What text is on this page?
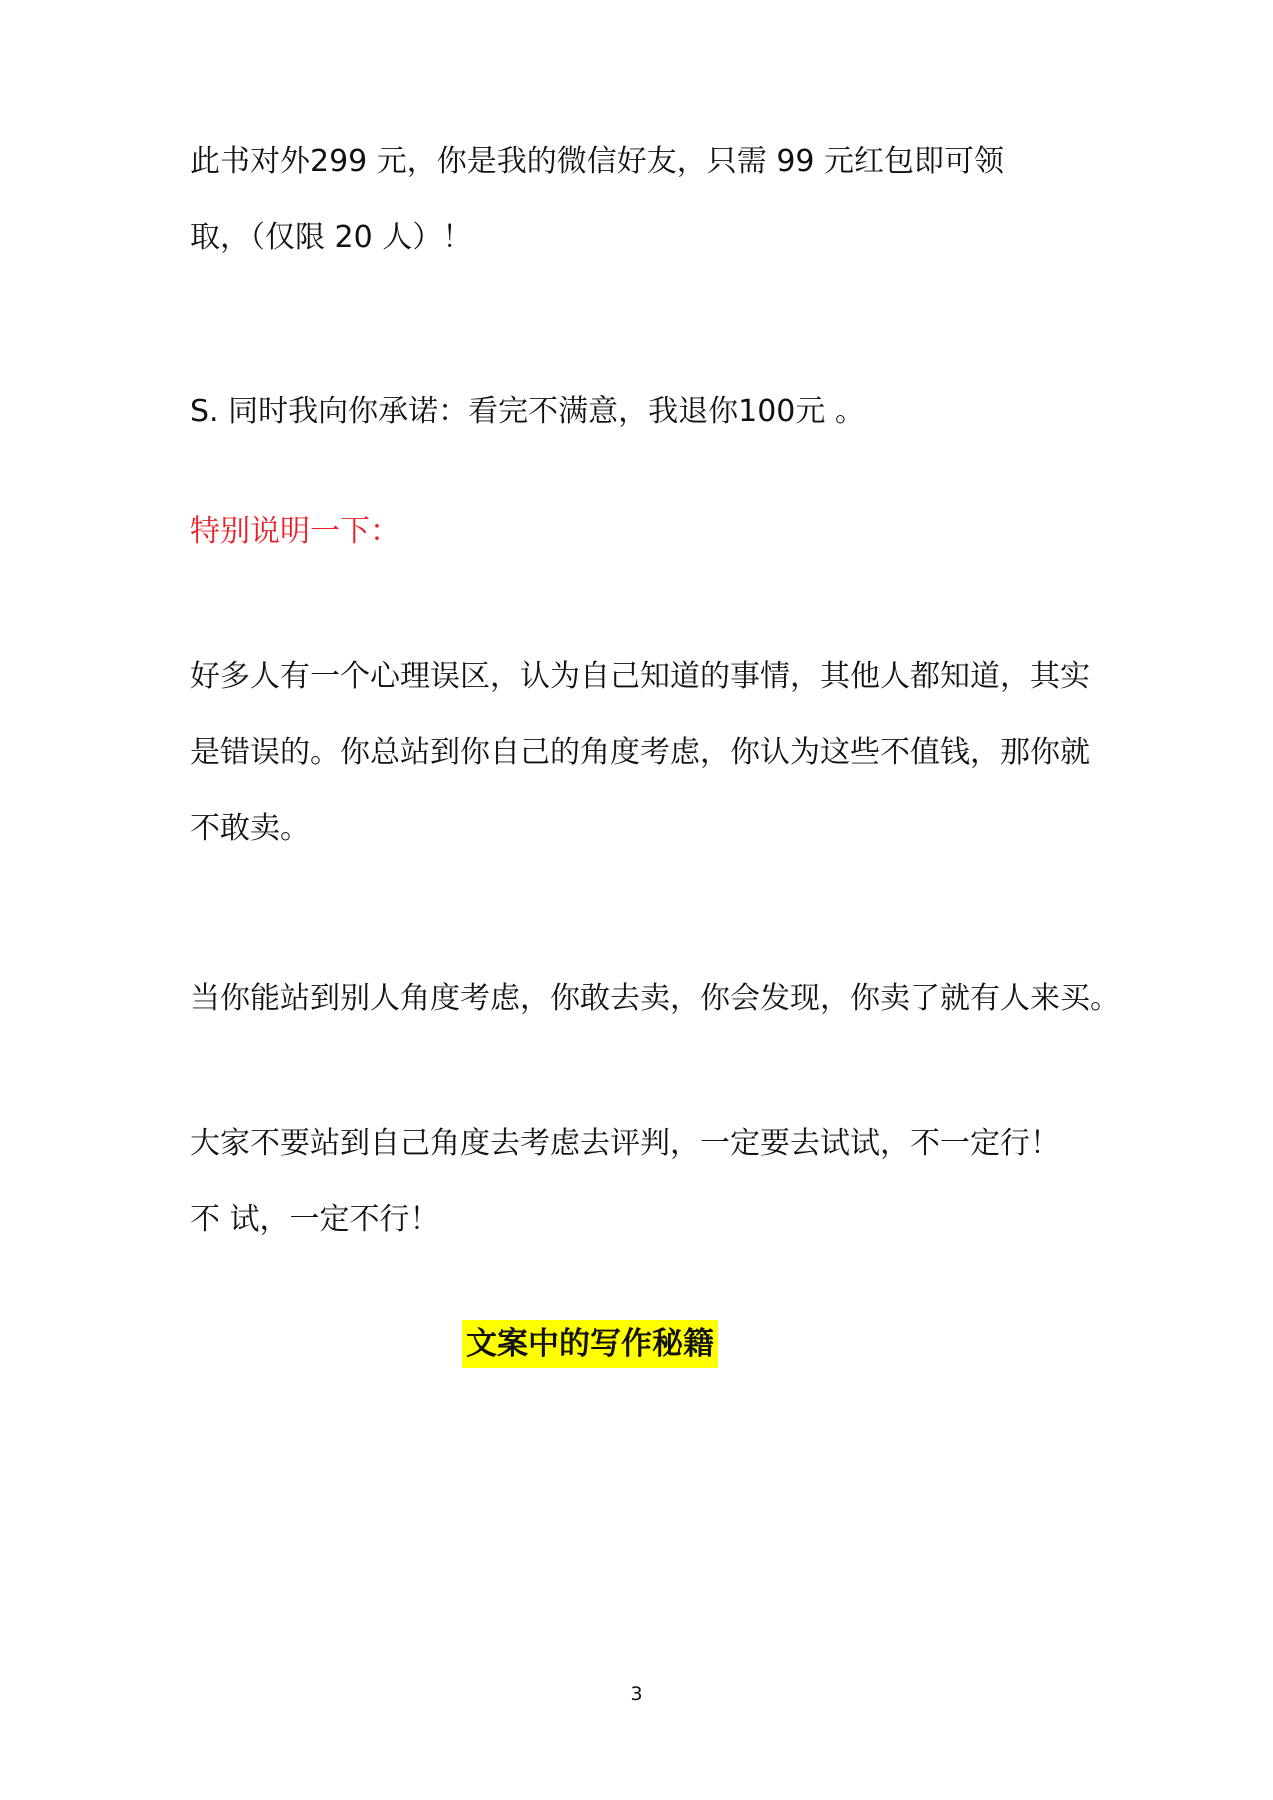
此书对外299 元，你是我的微信好友，只需 99 元红包即可领
取，（仅限 20 人）！
S. 同时我向你承诺：看完不满意，我退你100元 。
特别说明一下：
好多人有一个心理误区，认为自己知道的事情，其他人都知道，其实
是错误的。你总站到你自己的角度考虑，你认为这些不值钱，那你就
不敢卖。
当你能站到别人角度考虑，你敢去卖，你会发现，你卖了就有人来买。
大家不要站到自己角度去考虑去评判，一定要去试试，不一定行！
不 试，一定不行！
文案中的写作秘籍
3
